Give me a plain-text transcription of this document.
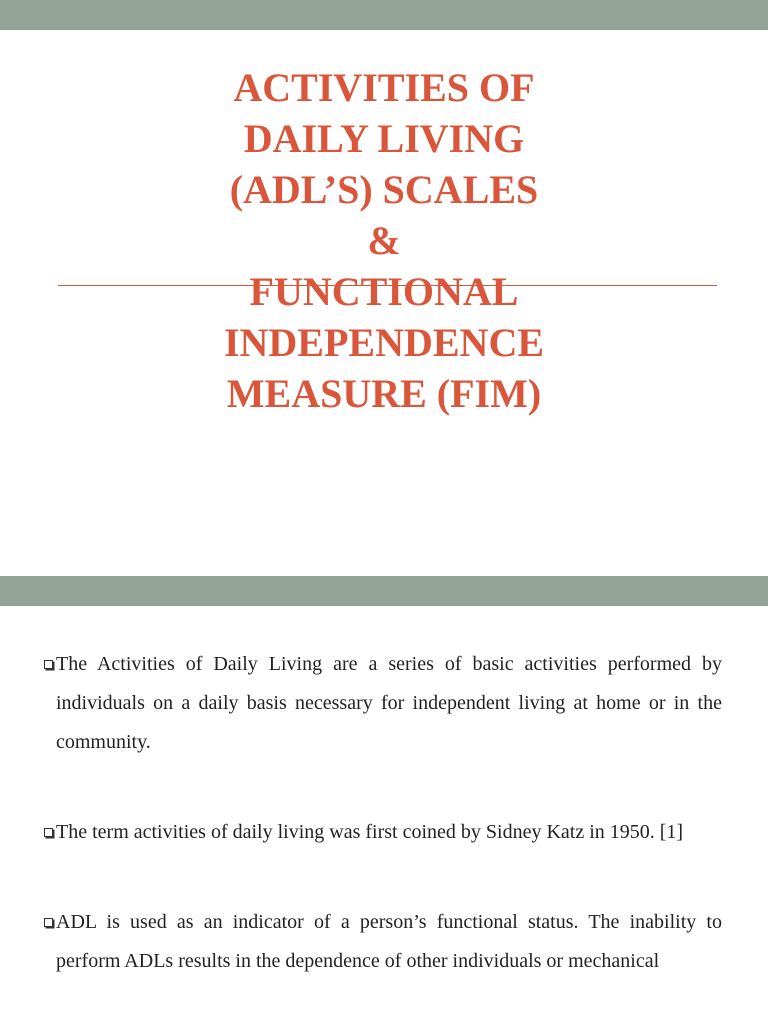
ACTIVITIES OF
DAILY LIVING
(ADL’S) SCALES
&
FUNCTIONAL
INDEPENDENCE
MEASURE (FIM)
The Activities of Daily Living are a series of basic activities performed by individuals on a daily basis necessary for independent living at home or in the community.
The term activities of daily living was first coined by Sidney Katz in 1950. [1]
ADL is used as an indicator of a person’s functional status. The inability to perform ADLs results in the dependence of other individuals or mechanical
